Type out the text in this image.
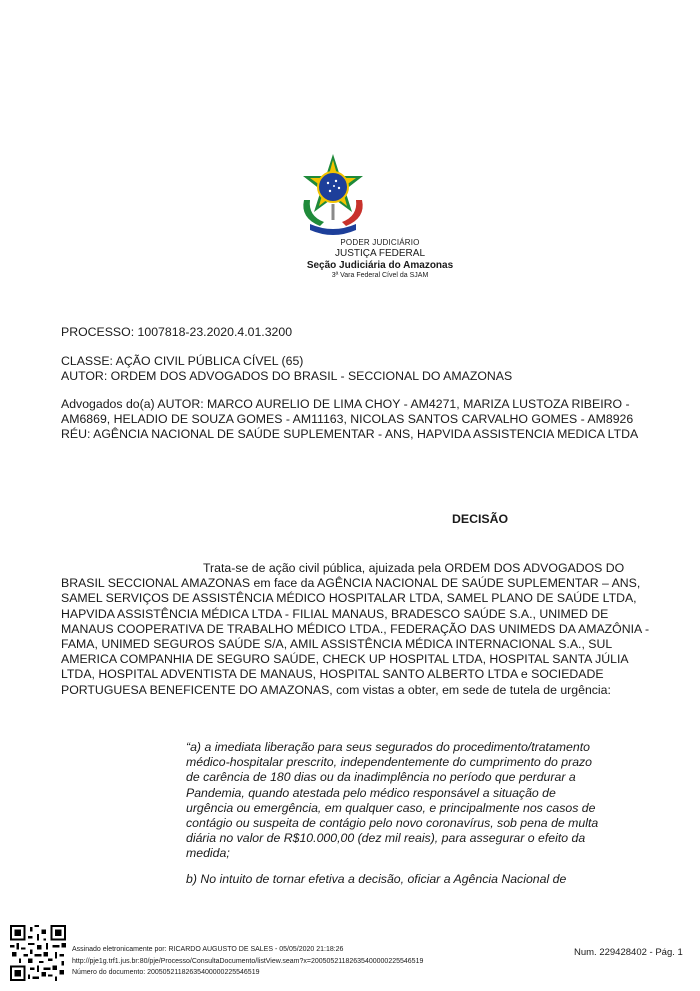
PODER JUDICIÁRIO
JUSTIÇA FEDERAL
Seção Judiciária do Amazonas
3ª Vara Federal Cível da SJAM
PROCESSO: 1007818-23.2020.4.01.3200
CLASSE: AÇÃO CIVIL PÚBLICA CÍVEL (65)
AUTOR: ORDEM DOS ADVOGADOS DO BRASIL - SECCIONAL DO AMAZONAS
Advogados do(a) AUTOR: MARCO AURELIO DE LIMA CHOY - AM4271, MARIZA LUSTOZA RIBEIRO - AM6869, HELADIO DE SOUZA GOMES - AM11163, NICOLAS SANTOS CARVALHO GOMES - AM8926
RÉU: AGÊNCIA NACIONAL DE SAÚDE SUPLEMENTAR - ANS, HAPVIDA ASSISTENCIA MEDICA LTDA
DECISÃO
Trata-se de ação civil pública, ajuizada pela ORDEM DOS ADVOGADOS DO BRASIL SECCIONAL AMAZONAS em face da AGÊNCIA NACIONAL DE SAÚDE SUPLEMENTAR – ANS, SAMEL SERVIÇOS DE ASSISTÊNCIA MÉDICO HOSPITALAR LTDA, SAMEL PLANO DE SAÚDE LTDA, HAPVIDA ASSISTÊNCIA MÉDICA LTDA - FILIAL MANAUS, BRADESCO SAÚDE S.A., UNIMED DE MANAUS COOPERATIVA DE TRABALHO MÉDICO LTDA., FEDERAÇÃO DAS UNIMEDS DA AMAZÔNIA - FAMA, UNIMED SEGUROS SAÚDE S/A, AMIL ASSISTÊNCIA MÉDICA INTERNACIONAL S.A., SUL AMERICA COMPANHIA DE SEGURO SAÚDE, CHECK UP HOSPITAL LTDA, HOSPITAL SANTA JÚLIA LTDA, HOSPITAL ADVENTISTA DE MANAUS, HOSPITAL SANTO ALBERTO LTDA e SOCIEDADE PORTUGUESA BENEFICENTE DO AMAZONAS, com vistas a obter, em sede de tutela de urgência:
“a) a imediata liberação para seus segurados do procedimento/tratamento médico-hospitalar prescrito, independentemente do cumprimento do prazo de carência de 180 dias ou da inadimplência no período que perdurar a Pandemia, quando atestada pelo médico responsável a situação de urgência ou emergência, em qualquer caso, e principalmente nos casos de contágio ou suspeita de contágio pelo novo coronavírus, sob pena de multa diária no valor de R$10.000,00 (dez mil reais), para assegurar o efeito da medida;
b) No intuito de tornar efetiva a decisão, oficiar a Agência Nacional de
Assinado eletronicamente por: RICARDO AUGUSTO DE SALES - 05/05/2020 21:18:26
http://pje1g.trf1.jus.br:80/pje/Processo/ConsultaDocumento/listView.seam?x=20050521182635400000225546519
Número do documento: 20050521182635400000225546519
Num. 229428402 - Pág. 1
